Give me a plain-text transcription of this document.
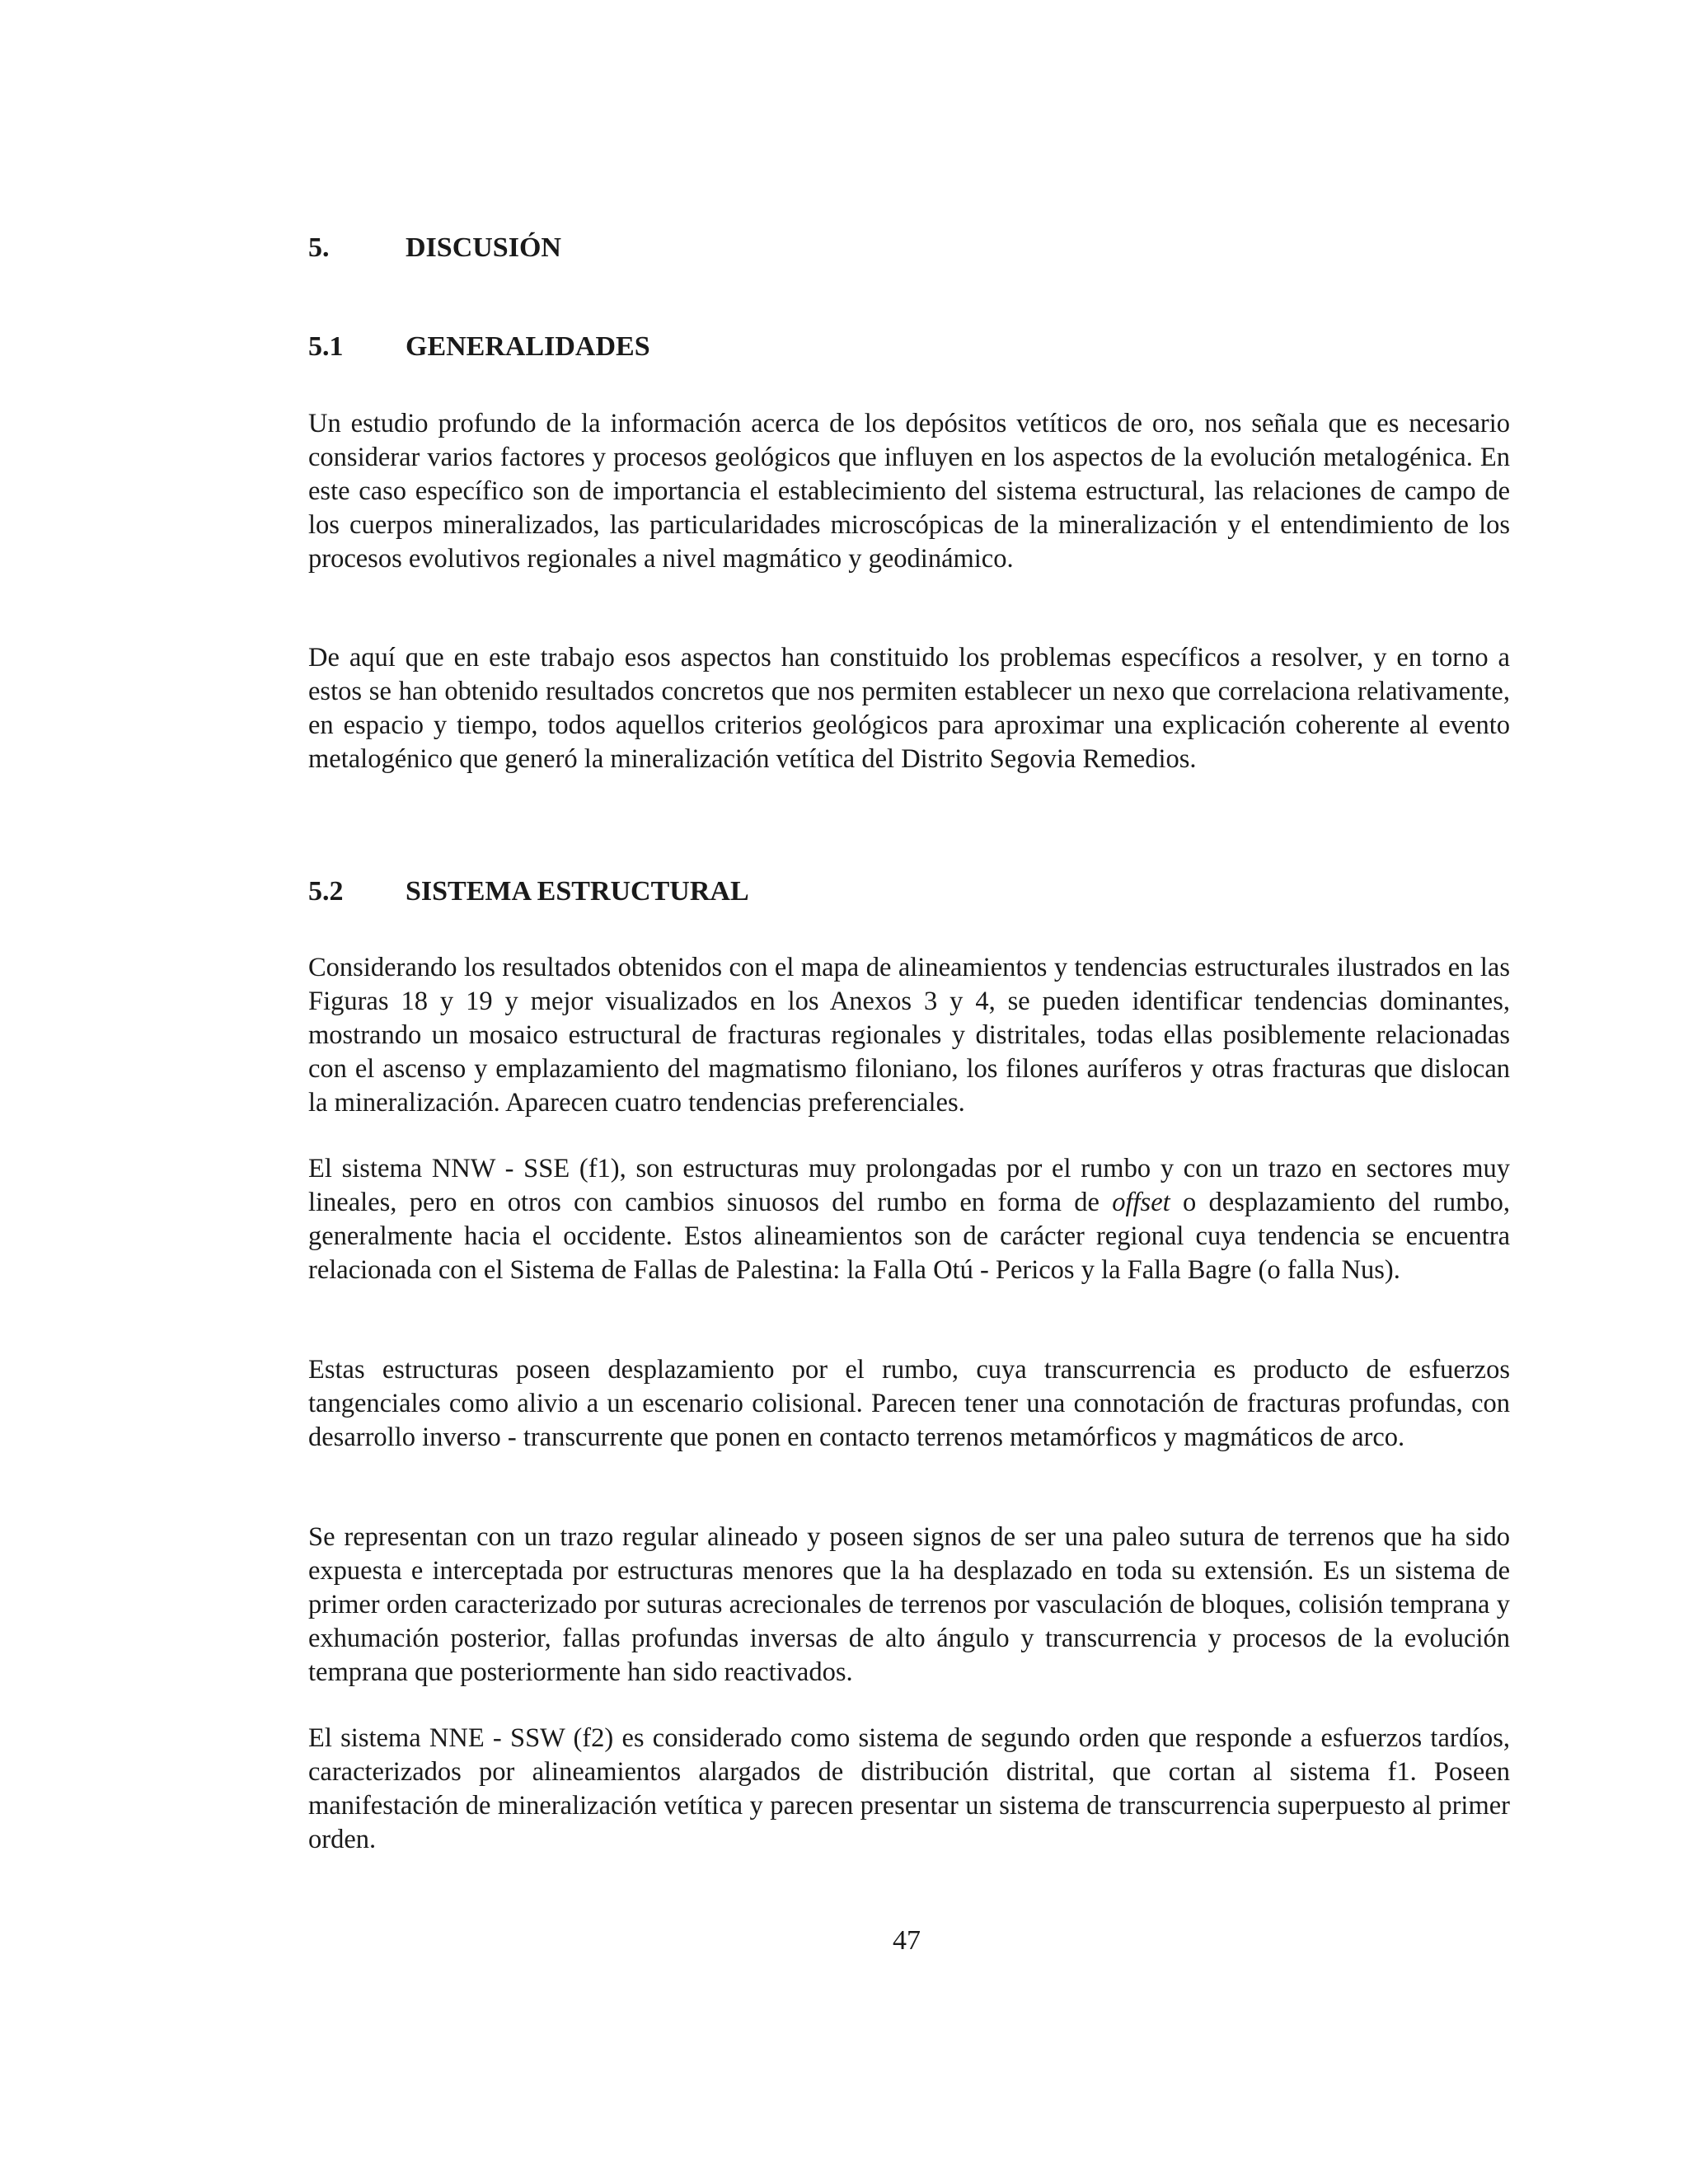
5.	DISCUSIÓN
5.1 GENERALIDADES

Un estudio profundo de la información acerca de los depósitos vetíticos de oro, nos señala que es necesario considerar varios factores y procesos geológicos que influyen en los aspectos de la evolución metalogénica. En este caso específico son de importancia el establecimiento del sistema estructural, las relaciones de campo de los cuerpos mineralizados, las particularidades microscópicas de la mineralización y el entendimiento de los procesos evolutivos regionales a nivel magmático y geodinámico.

De aquí que en este trabajo esos aspectos han constituido los problemas específicos a resolver, y en torno a estos se han obtenido resultados concretos que nos permiten establecer un nexo que correlaciona relativamente, en espacio y tiempo, todos aquellos criterios geológicos para aproximar una explicación coherente al evento metalogénico que generó la mineralización vetítica del Distrito Segovia Remedios.

5.2 SISTEMA ESTRUCTURAL

Considerando los resultados obtenidos con el mapa de alineamientos y tendencias estructurales ilustrados en las Figuras 18 y 19 y mejor visualizados en los Anexos 3 y 4, se pueden identificar tendencias dominantes, mostrando un mosaico estructural de fracturas regionales y distritales, todas ellas posiblemente relacionadas con el ascenso y emplazamiento del magmatismo filoniano, los filones auríferos y otras fracturas que dislocan la mineralización. Aparecen cuatro tendencias preferenciales.

El sistema NNW - SSE (f1), son estructuras muy prolongadas por el rumbo y con un trazo en sectores muy lineales, pero en otros con cambios sinuosos del rumbo en forma de offset o desplazamiento del rumbo, generalmente hacia el occidente. Estos alineamientos son de carácter regional cuya tendencia se encuentra relacionada con el Sistema de Fallas de Palestina: la Falla Otú - Pericos y la Falla Bagre (o falla Nus).

Estas estructuras poseen desplazamiento por el rumbo, cuya transcurrencia es producto de esfuerzos tangenciales como alivio a un escenario colisional. Parecen tener una connotación de fracturas profundas, con desarrollo inverso - transcurrente que ponen en contacto terrenos metamórficos y magmáticos de arco.

Se representan con un trazo regular alineado y poseen signos de ser una paleo sutura de terrenos que ha sido expuesta e interceptada por estructuras menores que la ha desplazado en toda su extensión. Es un sistema de primer orden caracterizado por suturas acrecionales de terrenos por vasculación de bloques, colisión temprana y exhumación posterior, fallas profundas inversas de alto ángulo y transcurrencia y procesos de la evolución temprana que posteriormente han sido reactivados.

El sistema NNE - SSW (f2) es considerado como sistema de segundo orden que responde a esfuerzos tardíos, caracterizados por alineamientos alargados de distribución distrital, que cortan al sistema f1. Poseen manifestación de mineralización vetítica y parecen presentar un sistema de transcurrencia superpuesto al primer orden.

47
